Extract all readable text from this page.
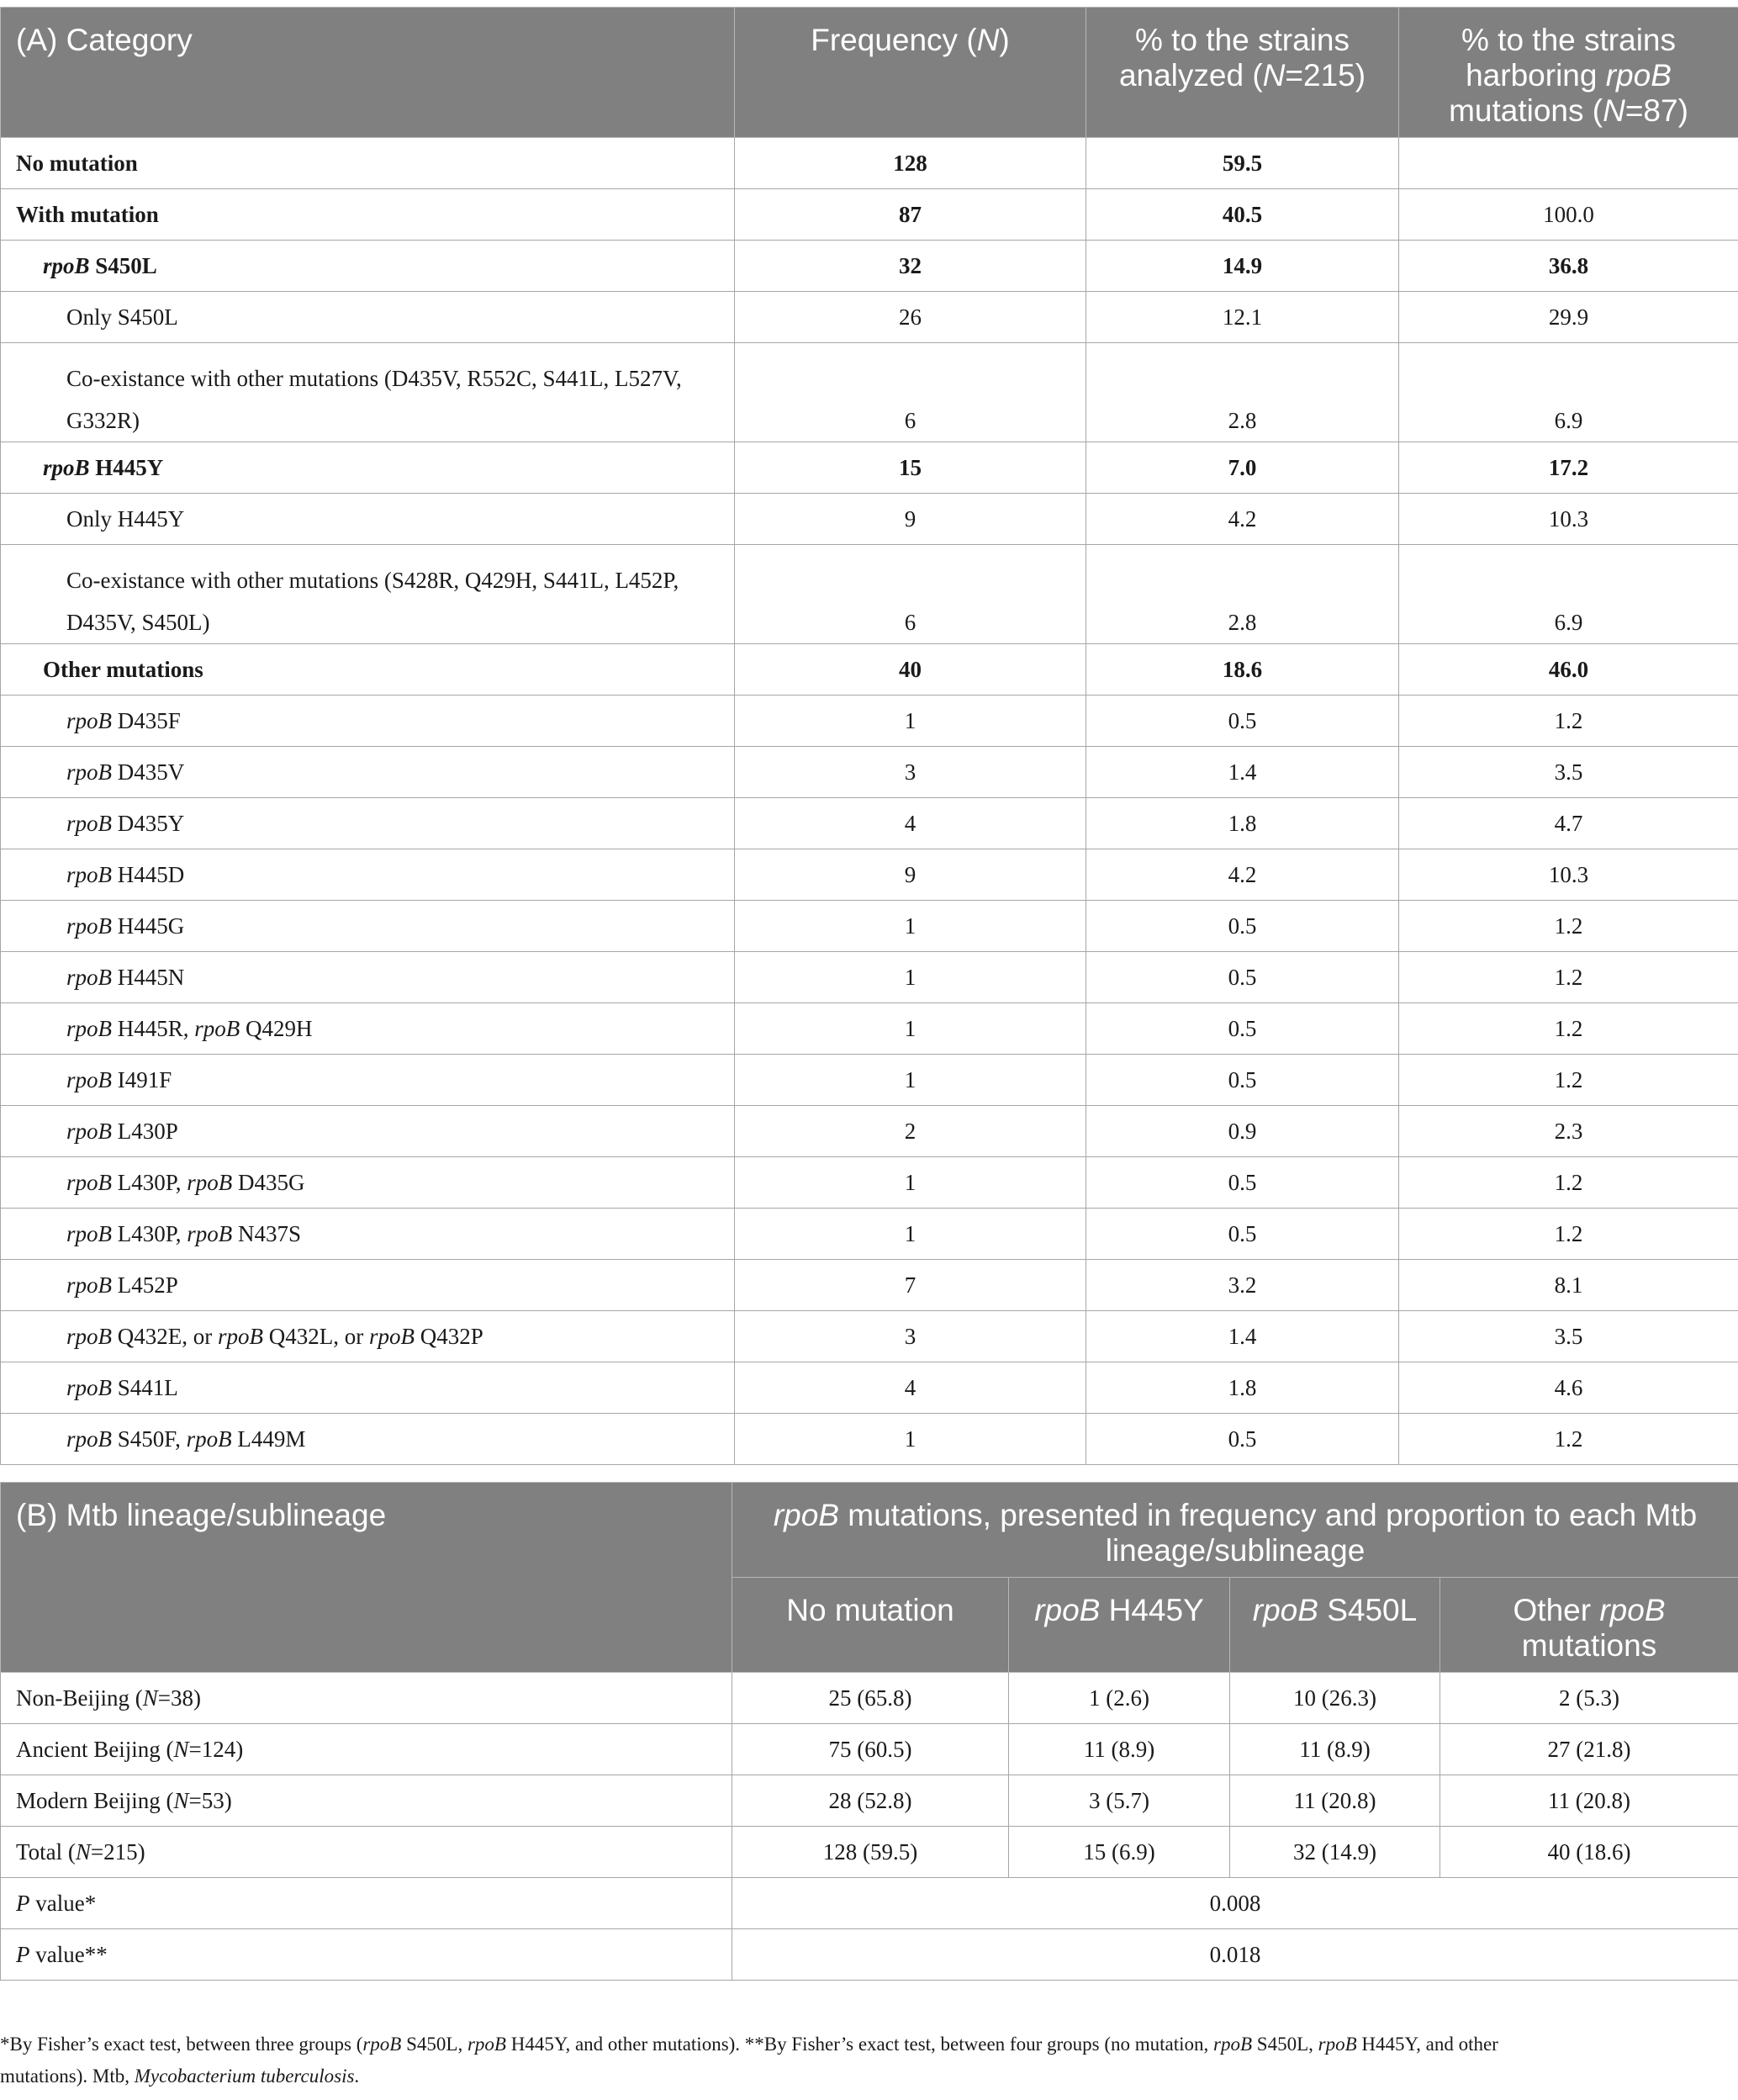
(A) Category	Frequency (N)	% to the strains analyzed (N=215)	% to the strains harboring rpoB mutations (N=87)
No mutation	128	59.5	
With mutation	87	40.5	100.0
rpoB S450L	32	14.9	36.8
Only S450L	26	12.1	29.9
Co-existance with other mutations (D435V, R552C, S441L, L527V,
G332R)	6	2.8	6.9
rpoB H445Y	15	7.0	17.2
Only H445Y	9	4.2	10.3
Co-existance with other mutations (S428R, Q429H, S441L, L452P,
D435V, S450L)	6	2.8	6.9
Other mutations	40	18.6	46.0
rpoB D435F	1	0.5	1.2
rpoB D435V	3	1.4	3.5
rpoB D435Y	4	1.8	4.7
rpoB H445D	9	4.2	10.3
rpoB H445G	1	0.5	1.2
rpoB H445N	1	0.5	1.2
rpoB H445R, rpoB Q429H	1	0.5	1.2
rpoB I491F	1	0.5	1.2
rpoB L430P	2	0.9	2.3
rpoB L430P, rpoB D435G	1	0.5	1.2
rpoB L430P, rpoB N437S	1	0.5	1.2
rpoB L452P	7	3.2	8.1
rpoB Q432E, or rpoB Q432L, or rpoB Q432P	3	1.4	3.5
rpoB S441L	4	1.8	4.6
rpoB S450F, rpoB L449M	1	0.5	1.2
(B) Mtb lineage/sublineage	rpoB mutations, presented in frequency and proportion to each Mtb lineage/sublineage			
	No mutation	rpoB H445Y	rpoB S450L	Other rpoB mutations
Non-Beijing (N=38)	25 (65.8)	1 (2.6)	10 (26.3)	2 (5.3)
Ancient Beijing (N=124)	75 (60.5)	11 (8.9)	11 (8.9)	27 (21.8)
Modern Beijing (N=53)	28 (52.8)	3 (5.7)	11 (20.8)	11 (20.8)
Total (N=215)	128 (59.5)	15 (6.9)	32 (14.9)	40 (18.6)
P value*	0.008			
P value**	0.018			
*By Fisher’s exact test, between three groups (rpoB S450L, rpoB H445Y, and other mutations). **By Fisher’s exact test, between four groups (no mutation, rpoB S450L, rpoB H445Y, and other
mutations). Mtb, Mycobacterium tuberculosis.
